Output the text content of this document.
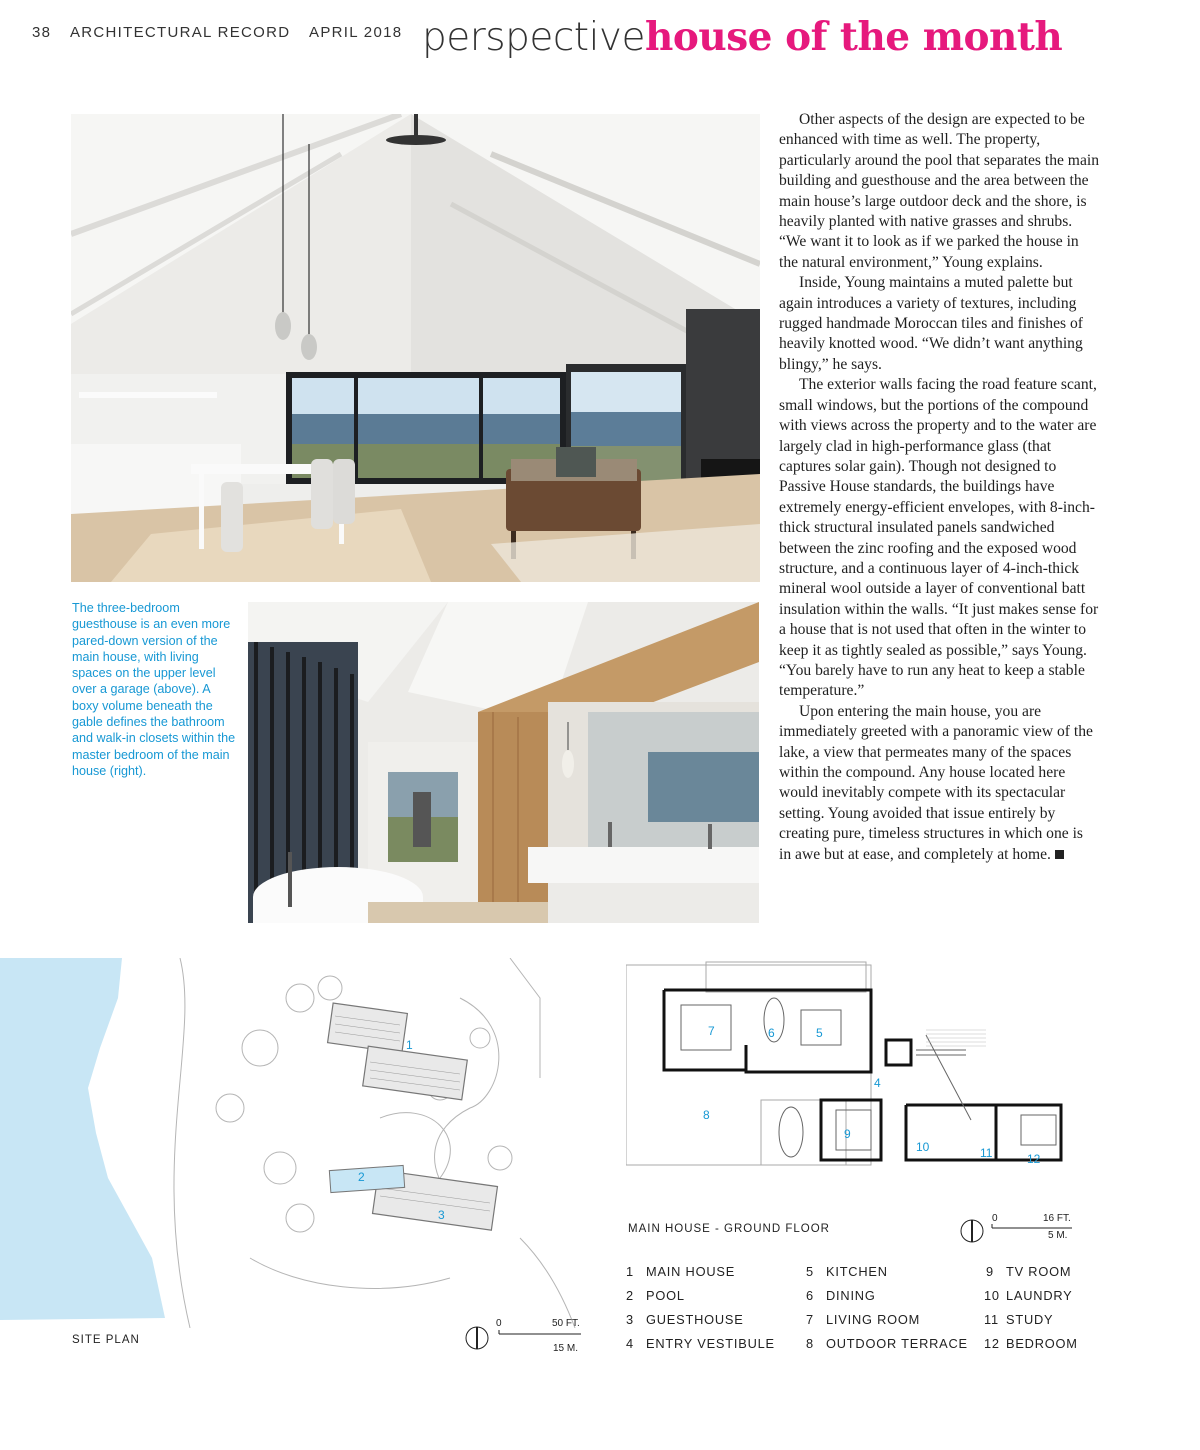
38 ARCHITECTURAL RECORD APRIL 2018 perspectivehouse of the month
The three-bedroom guesthouse is an even more pared-down version of the main house, with living spaces on the upper level over a garage (above). A boxy volume beneath the gable defines the bathroom and walk-in closets within the master bedroom of the main house (right).

Other aspects of the design are expected to be enhanced with time as well. The property, particularly around the pool that separates the main building and guesthouse and the area between the main house’s large outdoor deck and the shore, is heavily planted with native grasses and shrubs. “We want it to look as if we parked the house in the natural environment,” Young explains.

Inside, Young maintains a muted palette but again introduces a variety of textures, including rugged handmade Moroccan tiles and finishes of heavily knotted wood. “We didn’t want anything blingy,” he says.

The exterior walls facing the road feature scant, small windows, but the portions of the compound with views across the property and to the water are largely clad in high-performance glass (that captures solar gain). Though not designed to Passive House standards, the buildings have extremely energy-efficient envelopes, with 8-inch-thick structural insulated panels sandwiched between the zinc roofing and the exposed wood structure, and a continuous layer of 4-inch-thick mineral wool outside a layer of conventional batt insulation within the walls. “It just makes sense for a house that is not used that often in the winter to keep it as tightly sealed as possible,” says Young. “You barely have to run any heat to keep a stable temperature.”

Upon entering the main house, you are immediately greeted with a panoramic view of the lake, a view that permeates many of the spaces within the compound. Any house located here would inevitably compete with its spectacular setting. Young avoided that issue entirely by creating pure, timeless structures in which one is in awe but at ease, and completely at home.

1
2
3
SITE PLAN
0	50 FT.
15 M.
4
5
6
7
8
9
10	11	12
MAIN HOUSE - GROUND FLOOR
0	16 FT.
5 M.
1 MAIN HOUSE
2 POOL
3 GUESTHOUSE
4 ENTRY VESTIBULE
5 KITCHEN
6 DINING
7 LIVING ROOM
8 OUTDOOR TERRACE
9 TV ROOM
10 LAUNDRY
11 STUDY
12 BEDROOM
